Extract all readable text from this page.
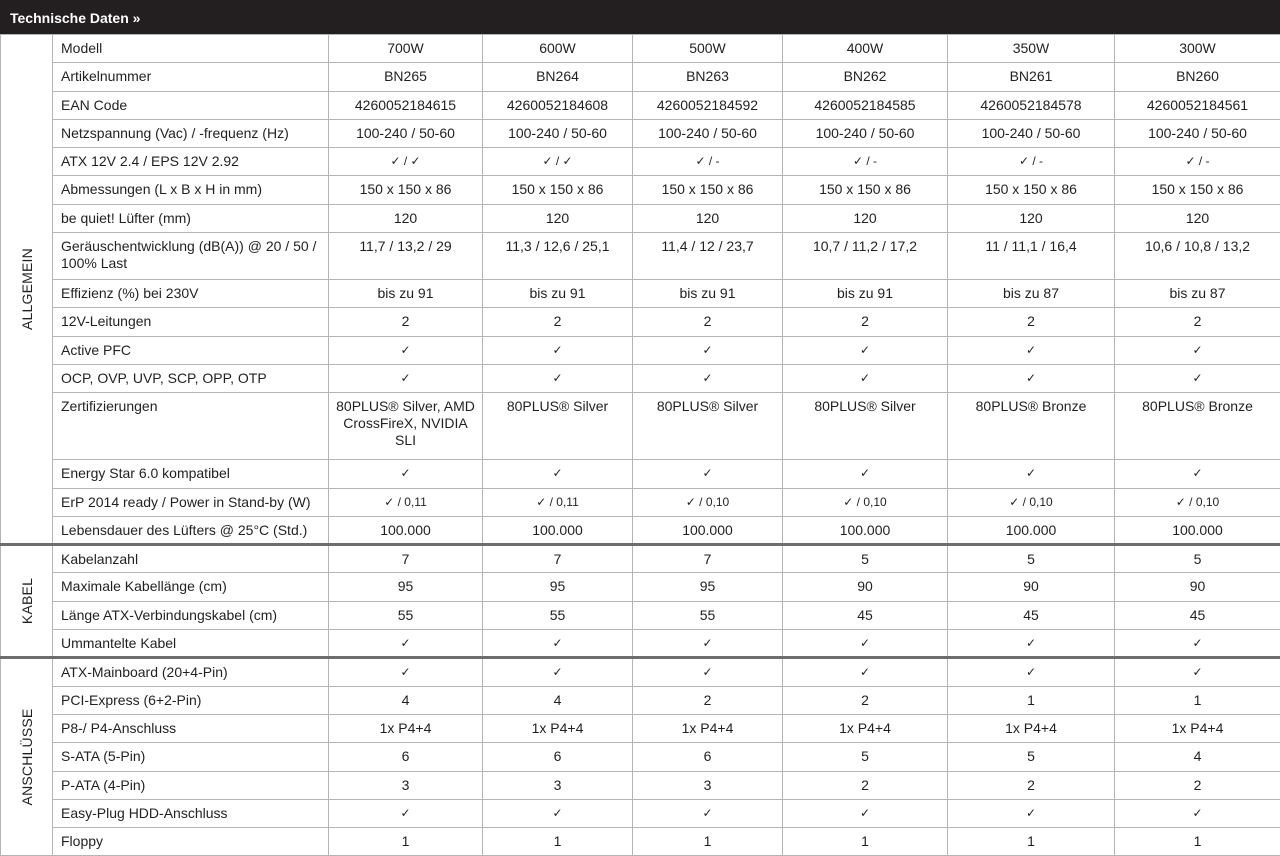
Technische Daten »
ALLGEMEIN	Modell	700W	600W	500W	400W	350W	300W

	Artikelnummer	BN265	BN264	BN263	BN262	BN261	BN260

	EAN Code	4260052184615	4260052184608	4260052184592	4260052184585	4260052184578	4260052184561

	Netzspannung (Vac) / -frequenz (Hz)	100-240 / 50-60	100-240 / 50-60	100-240 / 50-60	100-240 / 50-60	100-240 / 50-60	100-240 / 50-60

	ATX 12V 2.4 / EPS 12V 2.92	✓ / ✓	✓ / ✓	✓ / -	✓ / -	✓ / -	✓ / -

	Abmessungen (L x B x H in mm)	150 x 150 x 86	150 x 150 x 86	150 x 150 x 86	150 x 150 x 86	150 x 150 x 86	150 x 150 x 86

	be quiet! Lüfter (mm)	120	120	120	120	120	120

	Geräuschentwicklung (dB(A)) @ 20 / 50 / 100% Last	11,7 / 13,2 / 29	11,3 / 12,6 / 25,1	11,4 / 12 / 23,7	10,7 / 11,2 / 17,2	11 / 11,1 / 16,4	10,6 / 10,8 / 13,2

	Effizienz (%) bei 230V	bis zu 91	bis zu 91	bis zu 91	bis zu 91	bis zu 87	bis zu 87

	12V-Leitungen	2	2	2	2	2	2

	Active PFC	✓	✓	✓	✓	✓	✓

	OCP, OVP, UVP, SCP, OPP, OTP	✓	✓	✓	✓	✓	✓

	Zertifizierungen	80PLUS® Silver, AMD CrossFireX, NVIDIA SLI	80PLUS® Silver	80PLUS® Silver	80PLUS® Silver	80PLUS® Bronze	80PLUS® Bronze

	Energy Star 6.0 kompatibel	✓	✓	✓	✓	✓	✓

	ErP 2014 ready / Power in Stand-by (W)	✓ / 0,11	✓ / 0,11	✓ / 0,10	✓ / 0,10	✓ / 0,10	✓ / 0,10

	Lebensdauer des Lüfters @ 25°C (Std.)	100.000	100.000	100.000	100.000	100.000	100.000

KABEL	Kabelanzahl	7	7	7	5	5	5

	Maximale Kabellänge (cm)	95	95	95	90	90	90

	Länge ATX-Verbindungskabel (cm)	55	55	55	45	45	45

	Ummantelte Kabel	✓	✓	✓	✓	✓	✓

ANSCHLÜSSE	ATX-Mainboard (20+4-Pin)	✓	✓	✓	✓	✓	✓

	PCI-Express (6+2-Pin)	4	4	2	2	1	1

	P8-/ P4-Anschluss	1x P4+4	1x P4+4	1x P4+4	1x P4+4	1x P4+4	1x P4+4

	S-ATA (5-Pin)	6	6	6	5	5	4

	P-ATA (4-Pin)	3	3	3	2	2	2

	Easy-Plug HDD-Anschluss	✓	✓	✓	✓	✓	✓

	Floppy	1	1	1	1	1	1
